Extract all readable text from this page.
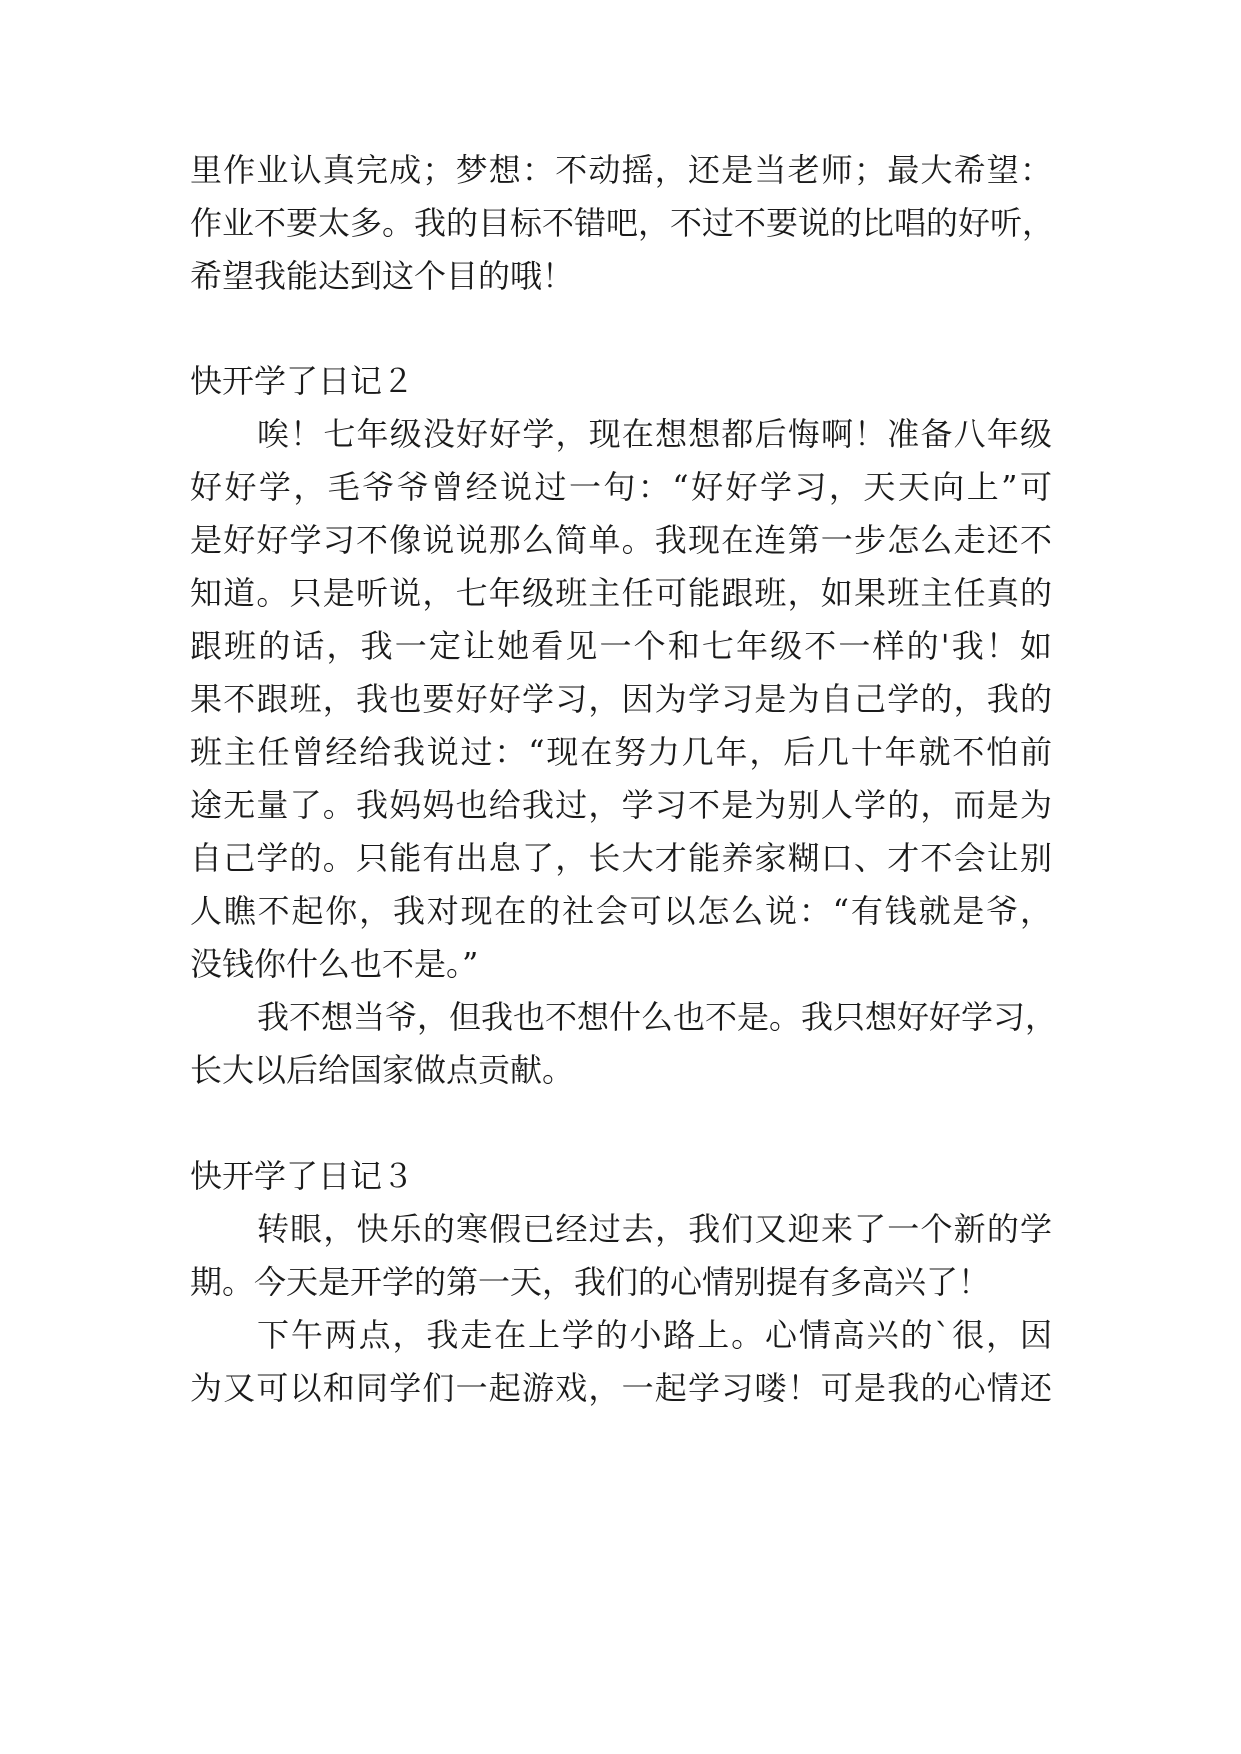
里作业认真完成；梦想：不动摇，还是当老师；最大希望：
作业不要太多。我的目标不错吧，不过不要说的比唱的好听，
希望我能达到这个目的哦！
快开学了日记２
唉！七年级没好好学，现在想想都后悔啊！准备八年级
好好学，毛爷爷曾经说过一句：“好好学习，天天向上”可
是好好学习不像说说那么简单。我现在连第一步怎么走还不
知道。只是听说，七年级班主任可能跟班，如果班主任真的
跟班的话，我一定让她看见一个和七年级不一样的'我！如
果不跟班，我也要好好学习，因为学习是为自己学的，我的
班主任曾经给我说过：“现在努力几年，后几十年就不怕前
途无量了。我妈妈也给我过，学习不是为别人学的，而是为
自己学的。只能有出息了，长大才能养家糊口、才不会让别
人瞧不起你，我对现在的社会可以怎么说：“有钱就是爷，
没钱你什么也不是。”
我不想当爷，但我也不想什么也不是。我只想好好学习，
长大以后给国家做点贡献。
快开学了日记３
转眼，快乐的寒假已经过去，我们又迎来了一个新的学
期。今天是开学的第一天，我们的心情别提有多高兴了！
下午两点，我走在上学的小路上。心情高兴的`很，因
为又可以和同学们一起游戏，一起学习喽！可是我的心情还
